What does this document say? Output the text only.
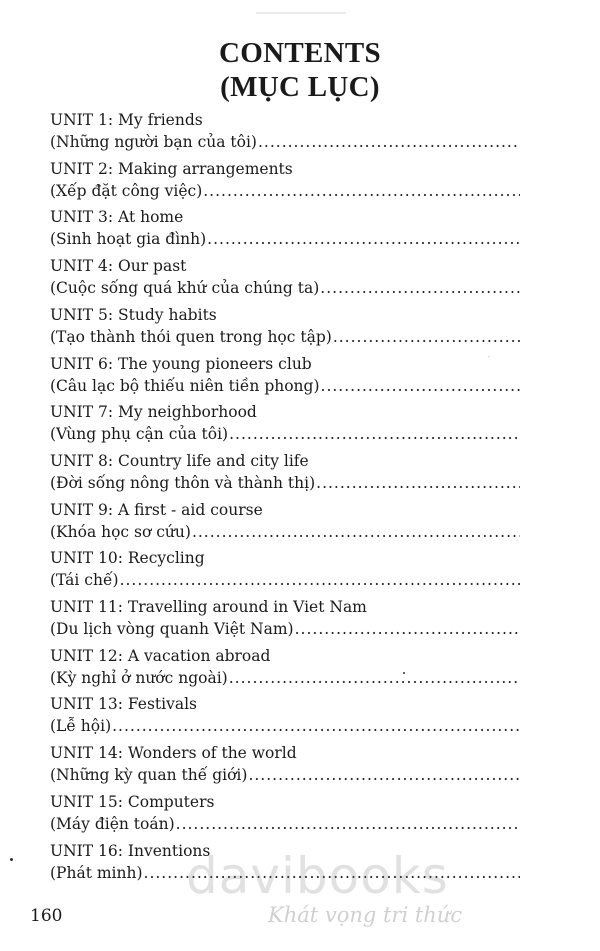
CONTENTS
(MỤC LỤC)
UNIT 1: My friends
(Những người bạn của tôi)
.....
UNIT 2: Making arrangements
(Xếp đặt công việc)
.....
UNIT 3: At home
(Sinh hoạt gia đình)
.....
UNIT 4: Our past
(Cuộc sống quá khứ của chúng ta)
.....
UNIT 5: Study habits
(Tạo thành thói quen trong học tập)
.....
UNIT 6: The young pioneers club
(Câu lạc bộ thiếu niên tiền phong)
.....
UNIT 7: My neighborhood
(Vùng phụ cận của tôi)
.....
UNIT 8: Country life and city life
(Đời sống nông thôn và thành thị)
.....
UNIT 9: A first - aid course
(Khóa học sơ cứu)
.....
UNIT 10: Recycling
(Tái chế)
.....
UNIT 11: Travelling around in Viet Nam
(Du lịch vòng quanh Việt Nam)
.....
UNIT 12: A vacation abroad
(Kỳ nghỉ ở nước ngoài)
.....
UNIT 13: Festivals
(Lễ hội)
.....
UNIT 14: Wonders of the world
(Những kỳ quan thế giới)
.....
UNIT 15: Computers
(Máy điện toán)
.....
UNIT 16: Inventions
(Phát minh)
.....
·
davibooks
Khát vọng tri thức
160
